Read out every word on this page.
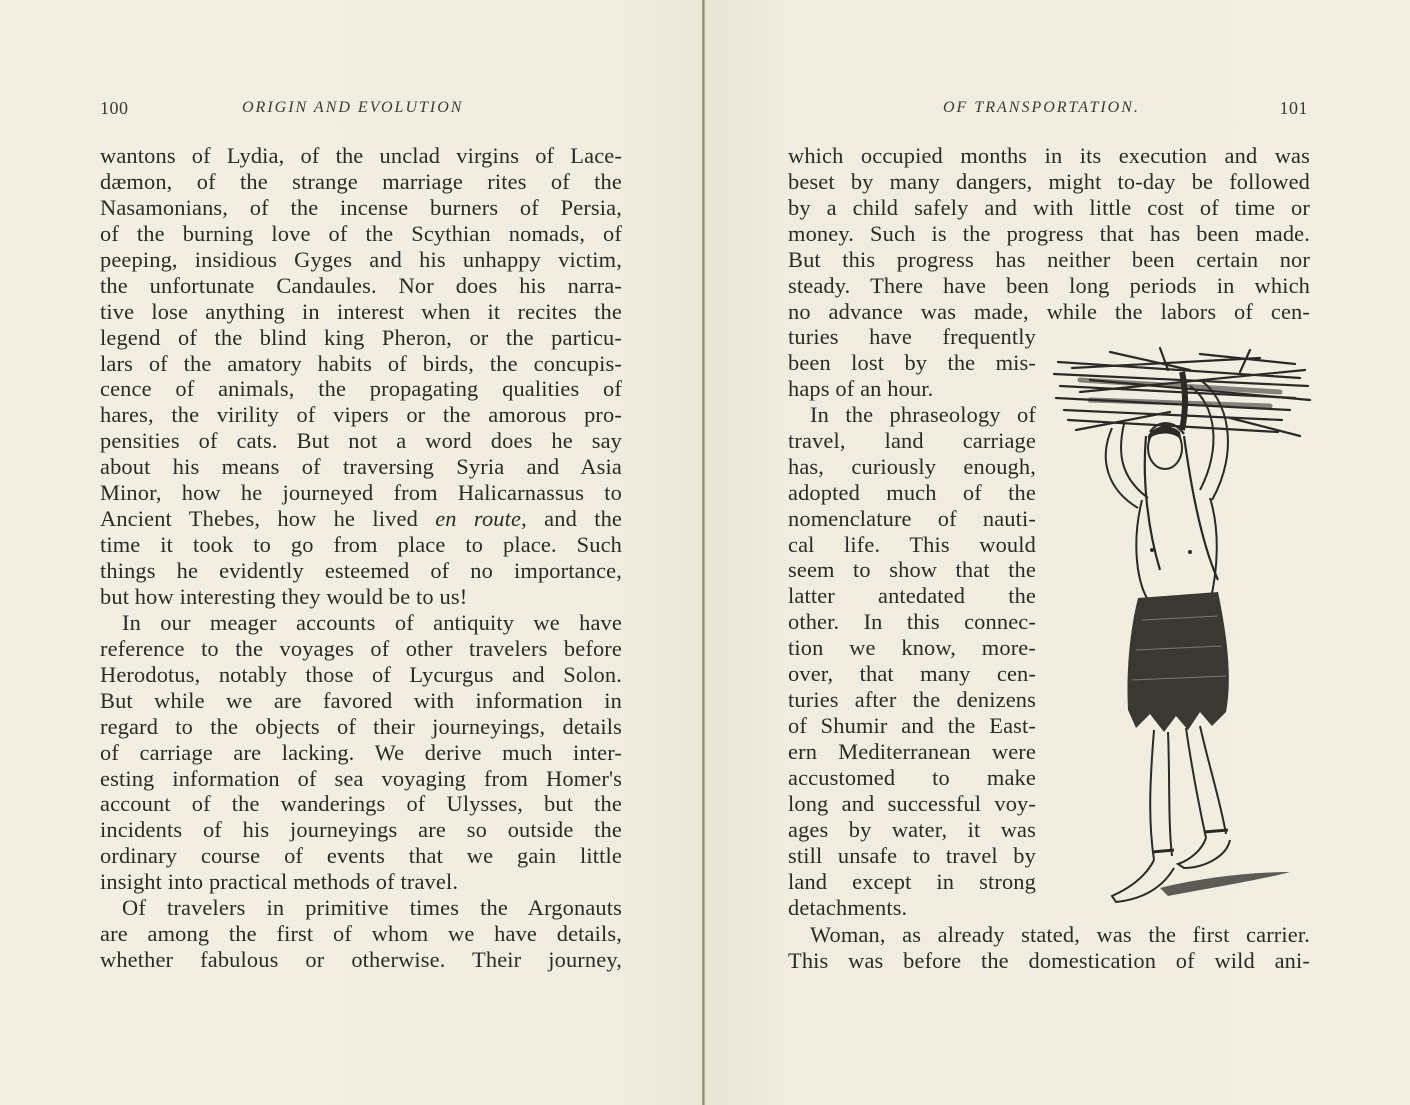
100	ORIGIN AND EVOLUTION
wantons of Lydia, of the unclad virgins of Lace-
dæmon, of the strange marriage rites of the
Nasamonians, of the incense burners of Persia,
of the burning love of the Scythian nomads, of
peeping, insidious Gyges and his unhappy victim,
the unfortunate Candaules. Nor does his narra-
tive lose anything in interest when it recites the
legend of the blind king Pheron, or the particu-
lars of the amatory habits of birds, the concupis-
cence of animals, the propagating qualities of
hares, the virility of vipers or the amorous pro-
pensities of cats. But not a word does he say
about his means of traversing Syria and Asia
Minor, how he journeyed from Halicarnassus to
Ancient Thebes, how he lived en route, and the
time it took to go from place to place. Such
things he evidently esteemed of no importance,
but how interesting they would be to us!
In our meager accounts of antiquity we have
reference to the voyages of other travelers before
Herodotus, notably those of Lycurgus and Solon.
But while we are favored with information in
regard to the objects of their journeyings, details
of carriage are lacking. We derive much inter-
esting information of sea voyaging from Homer's
account of the wanderings of Ulysses, but the
incidents of his journeyings are so outside the
ordinary course of events that we gain little
insight into practical methods of travel.
Of travelers in primitive times the Argonauts
are among the first of whom we have details,
whether fabulous or otherwise. Their journey,
OF TRANSPORTATION.	101
which occupied months in its execution and was
beset by many dangers, might to-day be followed
by a child safely and with little cost of time or
money. Such is the progress that has been made.
But this progress has neither been certain nor
steady. There have been long periods in which
no advance was made, while the labors of cen-
turies have frequently
been lost by the mis-
haps of an hour.
In the phraseology of
travel, land carriage
has, curiously enough,
adopted much of the
nomenclature of nauti-
cal life. This would
seem to show that the
latter antedated the
other. In this connec-
tion we know, more-
over, that many cen-
turies after the denizens
of Shumir and the East-
ern Mediterranean were
accustomed to make
long and successful voy-
ages by water, it was
still unsafe to travel by
land except in strong
detachments.
Woman, as already stated, was the first carrier.
This was before the domestication of wild ani-
